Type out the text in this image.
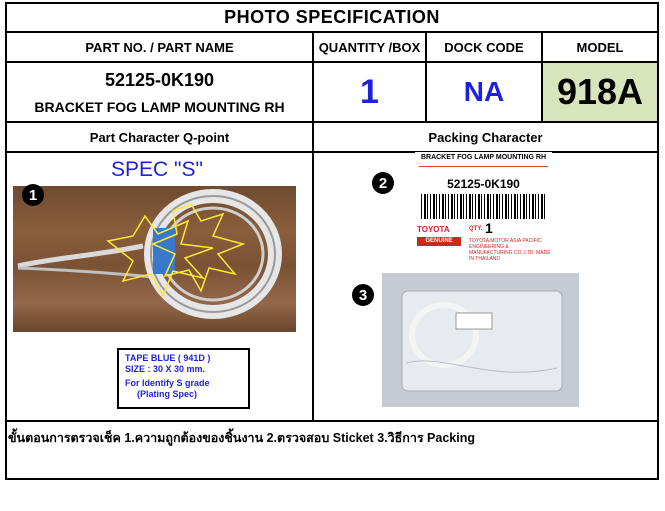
PHOTO SPECIFICATION
PART NO. / PART NAME	QUANTITY /BOX	DOCK CODE	MODEL
52125-0K190
BRACKET FOG LAMP MOUNTING RH	1	NA	918A
Part Character Q-point	Packing Character
SPEC "S"
1
TAPE BLUE ( 941D )
SIZE : 30 X 30 mm.
For Identify S grade
(Plating Spec)
2
BRACKET FOG LAMP MOUNTING RH
52125-0K190
TOYOTA
GENUINE PARTS
QTY. 1
TOYOTA MOTOR ASIA PACIFIC ENGINEERING & MANUFACTURING CO.,LTD. MADE IN THAILAND
3
ขั้นตอนการตรวจเช็ค 1.ความถูกต้องของชิ้นงาน 2.ตรวจสอบ Sticket 3.วิธีการ Packing
